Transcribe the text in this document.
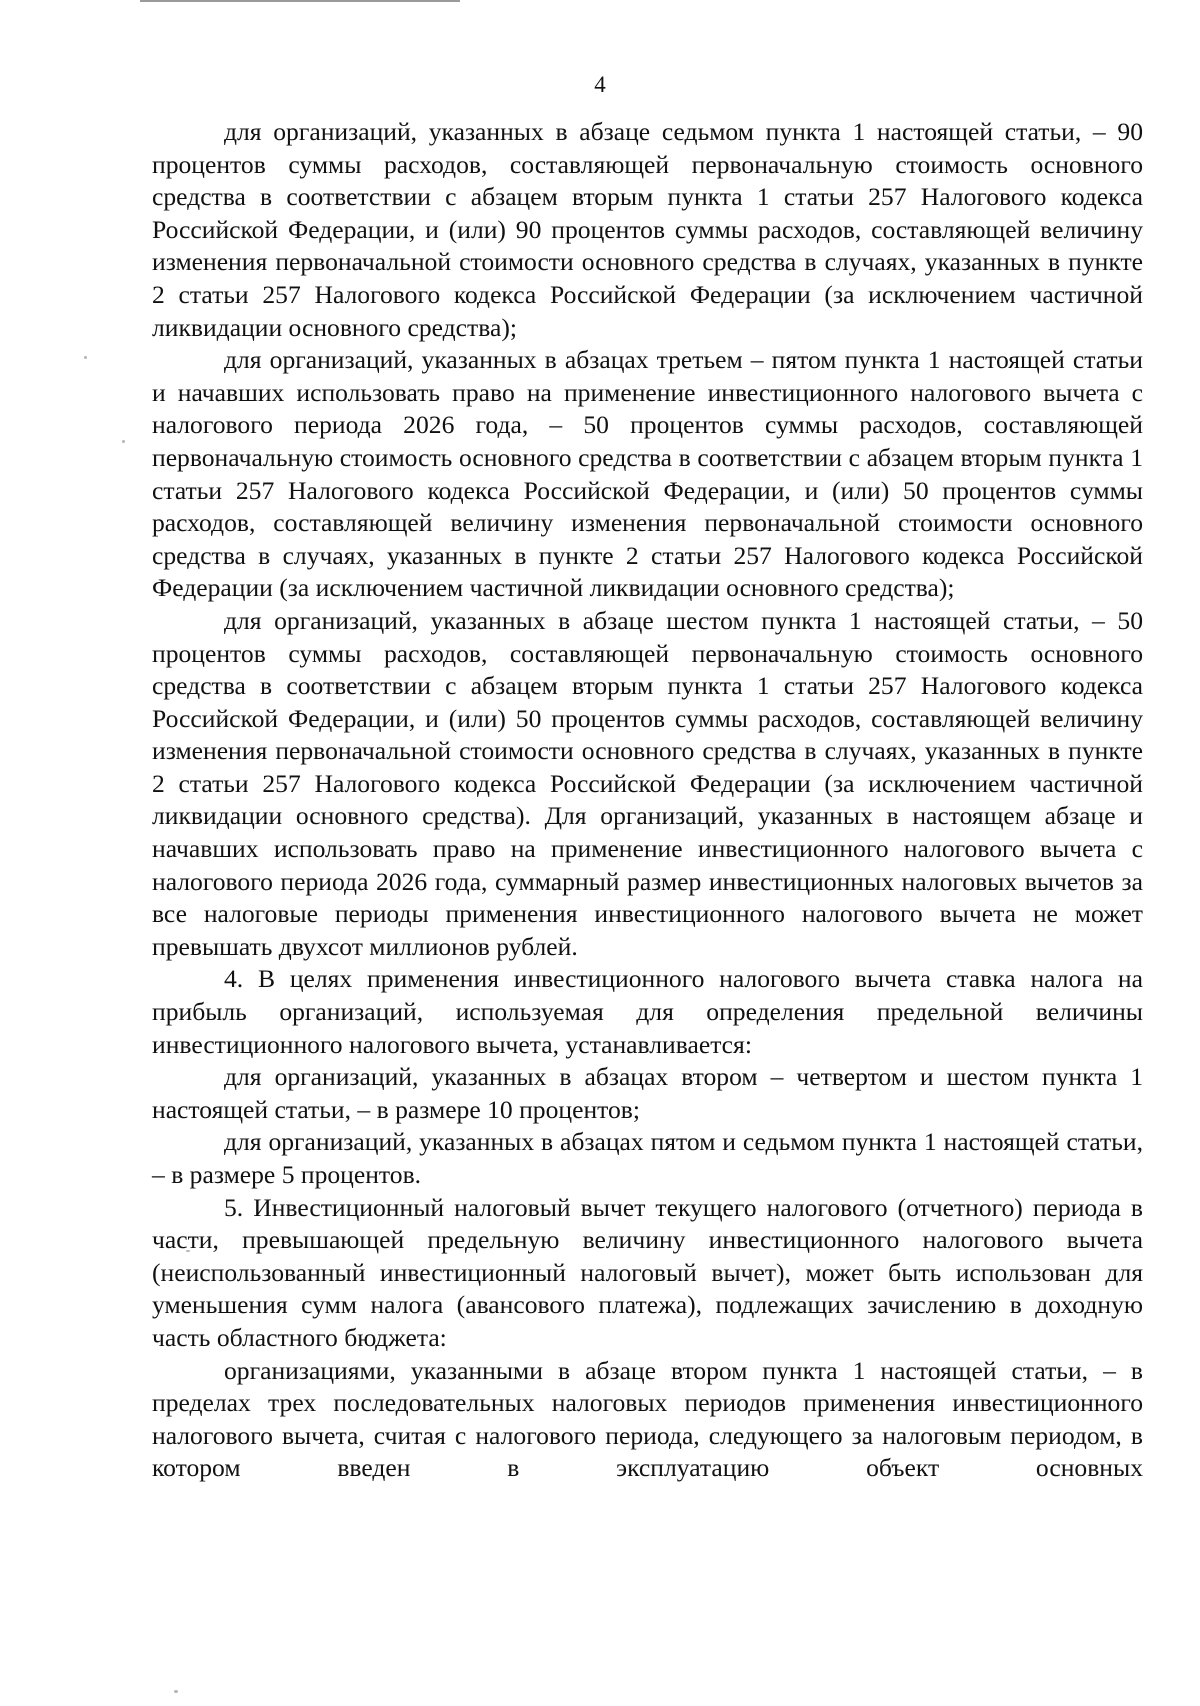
4

для организаций, указанных в абзаце седьмом пункта 1 настоящей статьи, – 90 процентов суммы расходов, составляющей первоначальную стоимость основного средства в соответствии с абзацем вторым пункта 1 статьи 257 Налогового кодекса Российской Федерации, и (или) 90 процентов суммы расходов, составляющей величину изменения первоначальной стоимости основного средства в случаях, указанных в пункте 2 статьи 257 Налогового кодекса Российской Федерации (за исключением частичной ликвидации основного средства);

для организаций, указанных в абзацах третьем – пятом пункта 1 настоящей статьи и начавших использовать право на применение инвестиционного налогового вычета с налогового периода 2026 года, – 50 процентов суммы расходов, составляющей первоначальную стоимость основного средства в соответствии с абзацем вторым пункта 1 статьи 257 Налогового кодекса Российской Федерации, и (или) 50 процентов суммы расходов, составляющей величину изменения первоначальной стоимости основного средства в случаях, указанных в пункте 2 статьи 257 Налогового кодекса Российской Федерации (за исключением частичной ликвидации основного средства);

для организаций, указанных в абзаце шестом пункта 1 настоящей статьи, – 50 процентов суммы расходов, составляющей первоначальную стоимость основного средства в соответствии с абзацем вторым пункта 1 статьи 257 Налогового кодекса Российской Федерации, и (или) 50 процентов суммы расходов, составляющей величину изменения первоначальной стоимости основного средства в случаях, указанных в пункте 2 статьи 257 Налогового кодекса Российской Федерации (за исключением частичной ликвидации основного средства). Для организаций, указанных в настоящем абзаце и начавших использовать право на применение инвестиционного налогового вычета с налогового периода 2026 года, суммарный размер инвестиционных налоговых вычетов за все налоговые периоды применения инвестиционного налогового вычета не может превышать двухсот миллионов рублей.

4. В целях применения инвестиционного налогового вычета ставка налога на прибыль организаций, используемая для определения предельной величины инвестиционного налогового вычета, устанавливается:

для организаций, указанных в абзацах втором – четвертом и шестом пункта 1 настоящей статьи, – в размере 10 процентов;

для организаций, указанных в абзацах пятом и седьмом пункта 1 настоящей статьи, – в размере 5 процентов.

5. Инвестиционный налоговый вычет текущего налогового (отчетного) периода в части, превышающей предельную величину инвестиционного налогового вычета (неиспользованный инвестиционный налоговый вычет), может быть использован для уменьшения сумм налога (авансового платежа), подлежащих зачислению в доходную часть областного бюджета:

организациями, указанными в абзаце втором пункта 1 настоящей статьи, – в пределах трех последовательных налоговых периодов применения инвестиционного налогового вычета, считая с налогового периода, следующего за налоговым периодом, в котором введен в эксплуатацию объект основных
